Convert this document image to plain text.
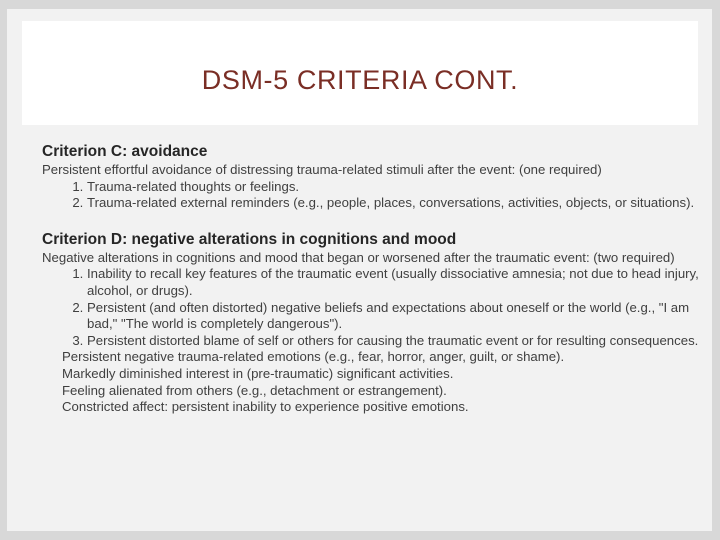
DSM-5 CRITERIA CONT.

Criterion C: avoidance

Persistent effortful avoidance of distressing trauma-related stimuli after the event: (one required)

1. Trauma-related thoughts or feelings.
2. Trauma-related external reminders (e.g., people, places, conversations, activities, objects, or situations).

Criterion D: negative alterations in cognitions and mood

Negative alterations in cognitions and mood that began or worsened after the traumatic event: (two required)

1. Inability to recall key features of the traumatic event (usually dissociative amnesia; not due to head injury, alcohol, or drugs).
2. Persistent (and often distorted) negative beliefs and expectations about oneself or the world (e.g., "I am bad," "The world is completely dangerous").
3. Persistent distorted blame of self or others for causing the traumatic event or for resulting consequences.
Persistent negative trauma-related emotions (e.g., fear, horror, anger, guilt, or shame).
Markedly diminished interest in (pre-traumatic) significant activities.
Feeling alienated from others (e.g., detachment or estrangement).
Constricted affect: persistent inability to experience positive emotions.
